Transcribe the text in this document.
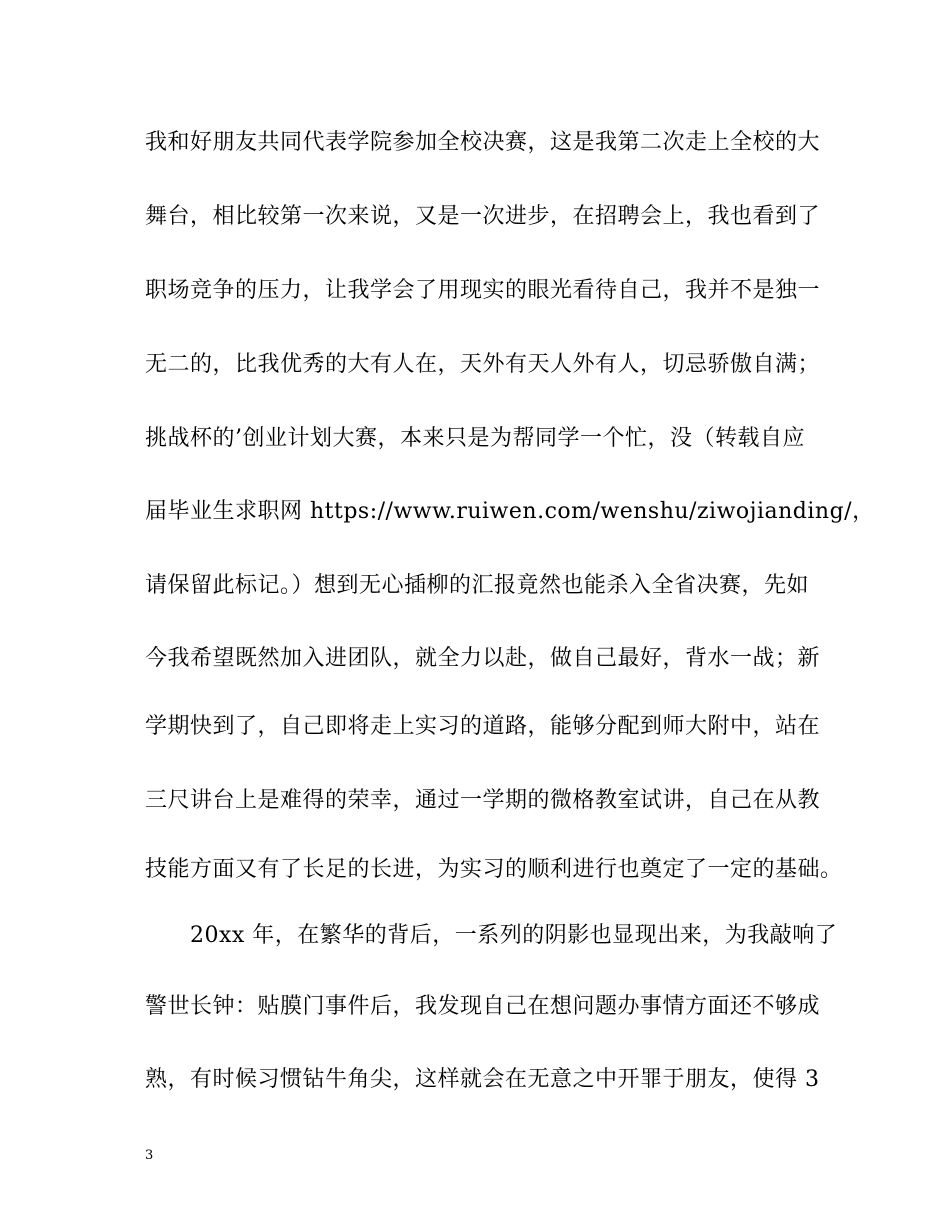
我和好朋友共同代表学院参加全校决赛，这是我第二次走上全校的大
舞台，相比较第一次来说，又是一次进步，在招聘会上，我也看到了
职场竞争的压力，让我学会了用现实的眼光看待自己，我并不是独一
无二的，比我优秀的大有人在，天外有天人外有人，切忌骄傲自满；
挑战杯的’创业计划大赛，本来只是为帮同学一个忙，没（转载自应
届毕业生求职网 https://www.ruiwen.com/wenshu/ziwojianding/，
请保留此标记。）想到无心插柳的汇报竟然也能杀入全省决赛，先如
今我希望既然加入进团队，就全力以赴，做自己最好，背水一战；新
学期快到了，自己即将走上实习的道路，能够分配到师大附中，站在
三尺讲台上是难得的荣幸，通过一学期的微格教室试讲，自己在从教
技能方面又有了长足的长进，为实习的顺利进行也奠定了一定的基础。
　　20xx 年，在繁华的背后，一系列的阴影也显现出来，为我敲响了
警世长钟：贴膜门事件后，我发现自己在想问题办事情方面还不够成
熟，有时候习惯钻牛角尖，这样就会在无意之中开罪于朋友，使得 3
3
